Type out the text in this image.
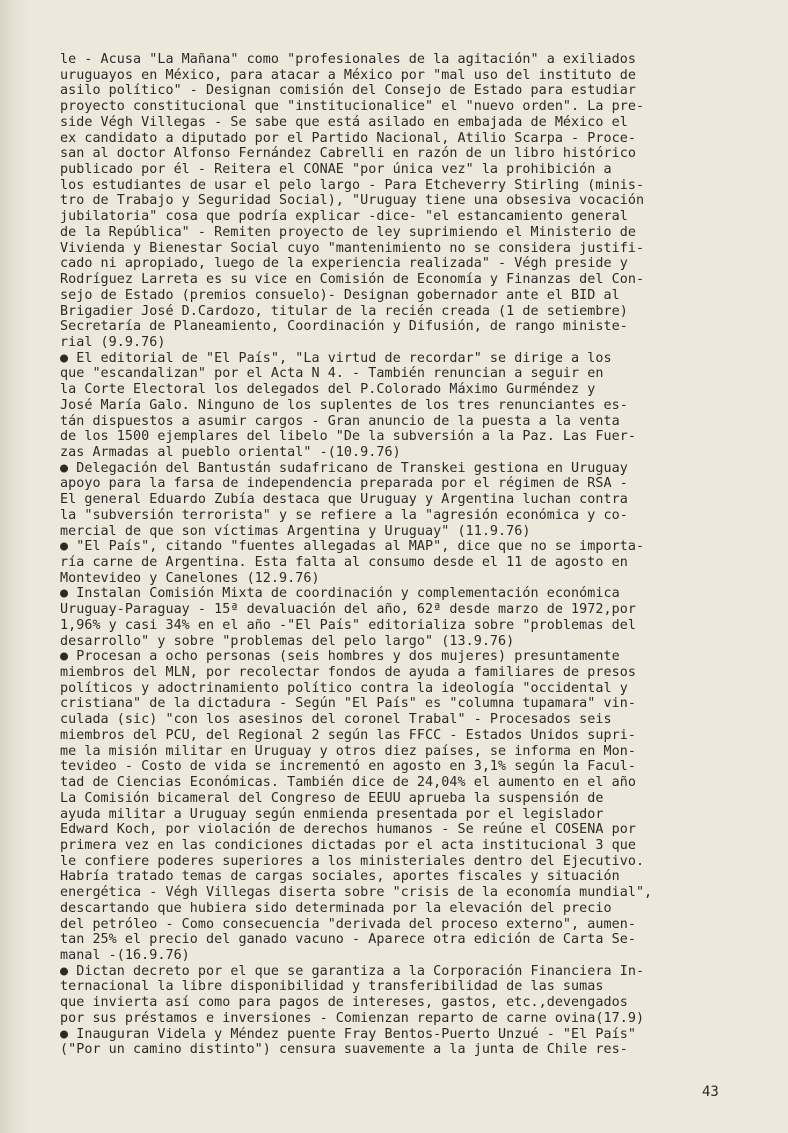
le - Acusa "La Mañana" como "profesionales de la agitación" a exiliados
uruguayos en México, para atacar a México por "mal uso del instituto de
asilo político" - Designan comisión del Consejo de Estado para estudiar
proyecto constitucional que "institucionalice" el "nuevo orden". La pre-
side Végh Villegas - Se sabe que está asilado en embajada de México el
ex candidato a diputado por el Partido Nacional, Atilio Scarpa - Proce-
san al doctor Alfonso Fernández Cabrelli en razón de un libro histórico
publicado por él - Reitera el CONAE "por única vez" la prohibición a
los estudiantes de usar el pelo largo - Para Etcheverry Stirling (minis-
tro de Trabajo y Seguridad Social), "Uruguay tiene una obsesiva vocación
jubilatoria" cosa que podría explicar -dice- "el estancamiento general
de la República" - Remiten proyecto de ley suprimiendo el Ministerio de
Vivienda y Bienestar Social cuyo "mantenimiento no se considera justifi-
cado ni apropiado, luego de la experiencia realizada" - Végh preside y
Rodríguez Larreta es su vice en Comisión de Economía y Finanzas del Con-
sejo de Estado (premios consuelo)- Designan gobernador ante el BID al
Brigadier José D.Cardozo, titular de la recién creada (1 de setiembre)
Secretaría de Planeamiento, Coordinación y Difusión, de rango ministe-
rial (9.9.76)
● El editorial de "El País", "La virtud de recordar" se dirige a los
que "escandalizan" por el Acta N 4. - También renuncian a seguir en
la Corte Electoral los delegados del P.Colorado Máximo Gurméndez y
José María Galo. Ninguno de los suplentes de los tres renunciantes es-
tán dispuestos a asumir cargos - Gran anuncio de la puesta a la venta
de los 1500 ejemplares del libelo "De la subversión a la Paz. Las Fuer-
zas Armadas al pueblo oriental" -(10.9.76)
● Delegación del Bantustán sudafricano de Transkei gestiona en Uruguay
apoyo para la farsa de independencia preparada por el régimen de RSA -
El general Eduardo Zubía destaca que Uruguay y Argentina luchan contra
la "subversión terrorista" y se refiere a la "agresión económica y co-
mercial de que son víctimas Argentina y Uruguay" (11.9.76)
● "El País", citando "fuentes allegadas al MAP", dice que no se importa-
ría carne de Argentina. Esta falta al consumo desde el 11 de agosto en
Montevideo y Canelones (12.9.76)
● Instalan Comisión Mixta de coordinación y complementación económica
Uruguay-Paraguay - 15ª devaluación del año, 62ª desde marzo de 1972,por
1,96% y casi 34% en el año -"El País" editorializa sobre "problemas del
desarrollo" y sobre "problemas del pelo largo" (13.9.76)
● Procesan a ocho personas (seis hombres y dos mujeres) presuntamente
miembros del MLN, por recolectar fondos de ayuda a familiares de presos
políticos y adoctrinamiento político contra la ideología "occidental y
cristiana" de la dictadura - Según "El País" es "columna tupamara" vin-
culada (sic) "con los asesinos del coronel Trabal" - Procesados seis
miembros del PCU, del Regional 2 según las FFCC - Estados Unidos supri-
me la misión militar en Uruguay y otros diez países, se informa en Mon-
tevideo - Costo de vida se incrementó en agosto en 3,1% según la Facul-
tad de Ciencias Económicas. También dice de 24,04% el aumento en el año
La Comisión bicameral del Congreso de EEUU aprueba la suspensión de
ayuda militar a Uruguay según enmienda presentada por el legislador
Edward Koch, por violación de derechos humanos - Se reúne el COSENA por
primera vez en las condiciones dictadas por el acta institucional 3 que
le confiere poderes superiores a los ministeriales dentro del Ejecutivo.
Habría tratado temas de cargas sociales, aportes fiscales y situación
energética - Végh Villegas diserta sobre "crisis de la economía mundial",
descartando que hubiera sido determinada por la elevación del precio
del petróleo - Como consecuencia "derivada del proceso externo", aumen-
tan 25% el precio del ganado vacuno - Aparece otra edición de Carta Se-
manal -(16.9.76)
● Dictan decreto por el que se garantiza a la Corporación Financiera In-
ternacional la libre disponibilidad y transferibilidad de las sumas
que invierta así como para pagos de intereses, gastos, etc.,devengados
por sus préstamos e inversiones - Comienzan reparto de carne ovina(17.9)
● Inauguran Videla y Méndez puente Fray Bentos-Puerto Unzué - "El País"
("Por un camino distinto") censura suavemente a la junta de Chile res-
43
